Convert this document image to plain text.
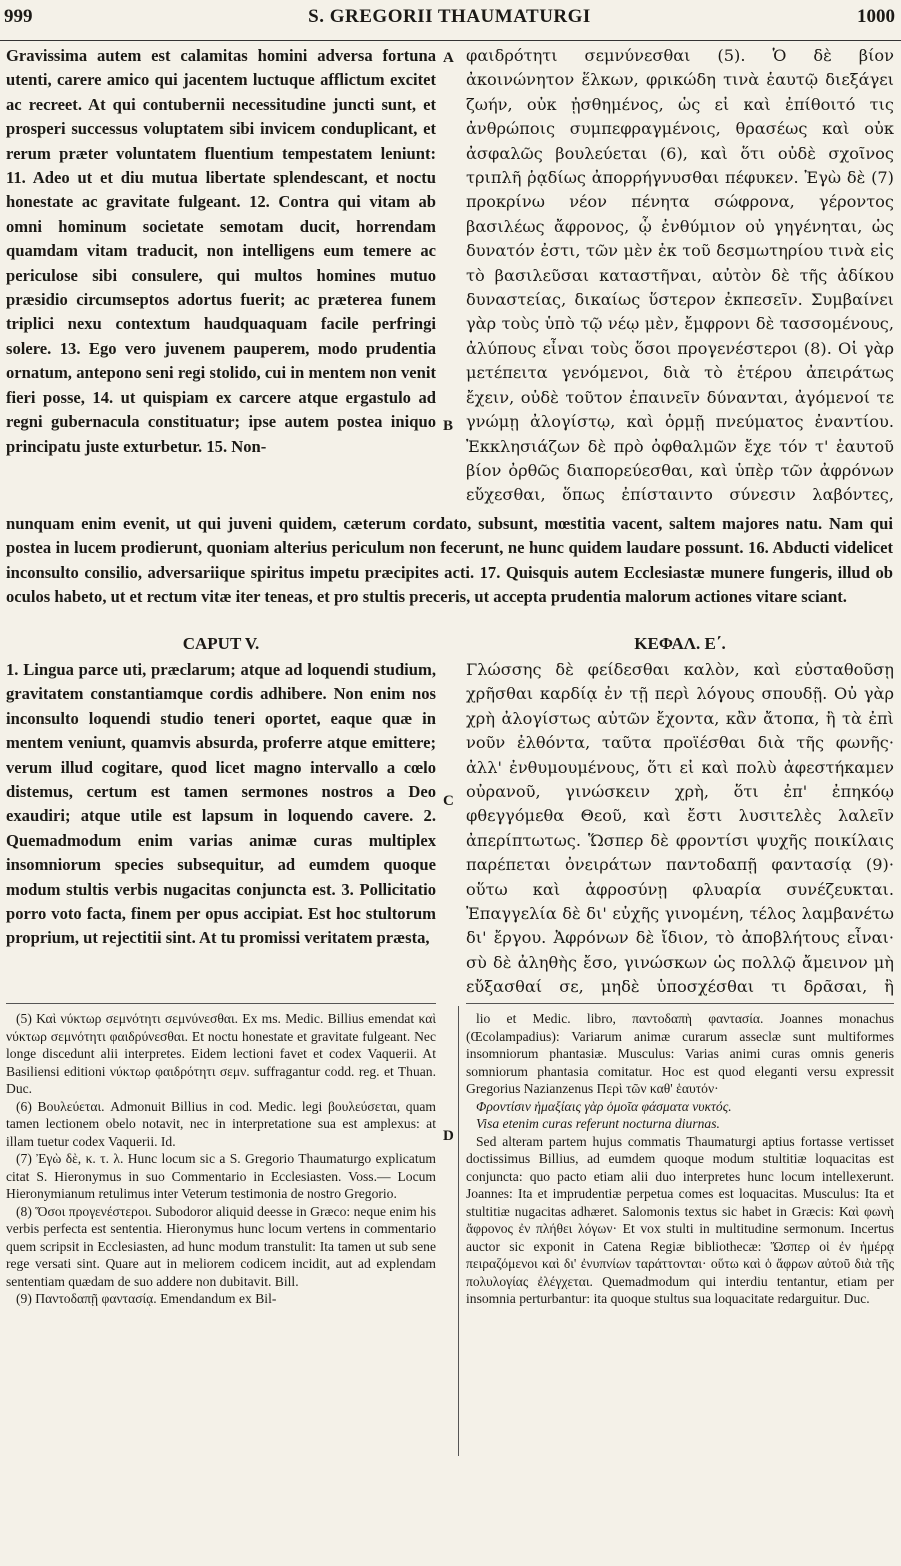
999	S. GREGORII THAUMATURGI	1000

Gravissima autem est calamitas homini adversa fortuna utenti, carere amico qui jacentem luctuque afflictum excitet ac recreet. At qui contubernii necessitudine juncti sunt, et prosperi successus voluptatem sibi invicem conduplicant, et rerum præter voluntatem fluentium tempestatem leniunt: 11. Adeo ut et diu mutua libertate splendescant, et noctu honestate ac gravitate fulgeant. 12. Contra qui vitam ab omni hominum societate semotam ducit, horrendam quamdam vitam traducit, non intelligens eum temere ac periculose sibi consulere, qui multos homines mutuo præsidio circumseptos adortus fuerit; ac præterea funem triplici nexu contextum haudquaquam facile perfringi solere. 13. Ego vero juvenem pauperem, modo prudentia ornatum, antepono seni regi stolido, cui in mentem non venit fieri posse, 14. ut quispiam ex carcere atque ergastulo ad regni gubernacula constituatur; ipse autem postea iniquo principatu juste exturbetur. 15. Non-

A φαιδρότητι σεμνύνεσθαι (5). Ὁ δὲ βίον ἀκοινώνητον ἕλκων, φρικώδη τινὰ ἑαυτῷ διεξάγει ζωήν, οὐκ ᾐσθημένος, ὡς εἰ καὶ ἐπίθοιτό τις ἀνθρώποις συμπεφραγμένοις, θρασέως καὶ οὐκ ἀσφαλῶς βουλεύεται (6), καὶ ὅτι οὐδὲ σχοῖνος τριπλῆ ῥᾳδίως ἀπορρήγνυσθαι πέφυκεν. Ἐγὼ δὲ (7) προκρίνω νέον πένητα σώφρονα, γέροντος βασιλέως ἄφρονος, ᾧ ἐνθύμιον οὐ γηγένηται, ὡς δυνατόν ἐστι, τῶν μὲν ἐκ τοῦ δεσμωτηρίου τινὰ εἰς τὸ βασιλεῦσαι καταστῆναι, αὐτὸν δὲ τῆς ἀδίκου δυναστείας, δικαίως ὕστερον ἐκπεσεῖν. Συμβαίνει γὰρ τοὺς ὑπὸ τῷ νέῳ μὲν, ἔμφρονι δὲ τασσομένους, ἀλύπους εἶναι τοὺς ὅσοι προγενέστεροι (8). Οἱ γὰρ μετέπειτα γενόμενοι, διὰ τὸ ἑτέρου ἀπειράτως ἔχειν, οὐδὲ τοῦτον ἐπαινεῖν δύνανται, ἀγόμενοί τε γνώμῃ ἀλογίστῳ, καὶ ὁρμῇ πνεύματος ἐναντίου. Ἐκκλησιάζων δὲ πρὸ ὀφθαλμῶν ἔχε τόν τ' ἑαυτοῦ βίον ὀρθῶς διαπορεύεσθαι, καὶ ὑπὲρ τῶν ἀφρόνων εὔχεσθαι, ὅπως ἐπίσταιντο σύνεσιν λαβόντες,

B
nunquam enim evenit, ut qui juveni quidem, cæterum cordato, subsunt, mœstitia vacent, saltem majores natu. Nam qui postea in lucem prodierunt, quoniam alterius periculum non fecerunt, ne hunc quidem laudare possunt. 16. Abducti videlicet inconsulto consilio, adversariique spiritus impetu præcipites acti. 17. Quisquis autem Ecclesiastæ munere fungeris, illud ob oculos habeto, ut et rectum vitæ iter teneas, et pro stultis preceris, ut accepta prudentia malorum actiones vitare sciant.
CAPUT V.	ΚΕΦΑΛ. Ε΄.

1. Lingua parce uti, præclarum; atque ad loquendi studium, gravitatem constantiamque cordis adhibere. Non enim nos inconsulto loquendi studio teneri oportet, eaque quæ in mentem veniunt, quamvis absurda, proferre atque emittere; verum illud cogitare, quod licet magno intervallo a cœlo distemus, certum est tamen sermones nostros a Deo exaudiri; atque utile est lapsum in loquendo cavere. 2. Quemadmodum enim varias animæ curas multiplex insomniorum species subsequitur, ad eumdem quoque modum stultis verbis nugacitas conjuncta est. 3. Pollicitatio porro voto facta, finem per opus accipiat. Est hoc stultorum proprium, ut rejectitii sint. At tu promissi veritatem præsta,

C

Γλώσσης δὲ φείδεσθαι καλὸν, καὶ εὐσταθοῦσῃ χρῆσθαι καρδίᾳ ἐν τῇ περὶ λόγους σπουδῇ. Οὐ γὰρ χρὴ ἀλογίστως αὐτῶν ἔχοντα, κἂν ἄτοπα, ἢ τὰ ἐπὶ νοῦν ἐλθόντα, ταῦτα προϊέσθαι διὰ τῆς φωνῆς· ἀλλ' ἐνθυμουμένους, ὅτι εἰ καὶ πολὺ ἀφεστήκαμεν οὐρανοῦ, γινώσκειν χρὴ, ὅτι ἐπ' ἐπηκόῳ φθεγγόμεθα Θεοῦ, καὶ ἔστι λυσιτελὲς λαλεῖν ἀπερίπτωτως. Ὥσπερ δὲ φροντίσι ψυχῆς ποικίλαις παρέπεται ὀνειράτων παντοδαπῇ φαντασίᾳ (9)· οὕτω καὶ ἀφροσύνῃ φλυαρία συνέζευκται. Ἐπαγγελία δὲ δι' εὐχῆς γινομένη, τέλος λαμβανέτω δι' ἔργου. Ἀφρόνων δὲ ἴδιον, τὸ ἀποβλήτους εἶναι· σὺ δὲ ἀληθὴς ἔσο, γινώσκων ὡς πολλῷ ἄμεινον μὴ εὔξασθαί σε, μηδὲ ὑποσχέσθαι τι δρᾶσαι, ἢ

D

(5) Καὶ νύκτωρ σεμνότητι σεμνύνεσθαι. Ex ms. Medic. Billius emendat καὶ νύκτωρ σεμνότητι φαιδρύνεσθαι. Et noctu honestate et gravitate fulgeant. Nec longe discedunt alii interpretes. Eidem lectioni favet et codex Vaquerii. At Basiliensi editioni νύκτωρ φαιδρότητι σεμν. suffragantur codd. reg. et Thuan. Duc.

(6) Βουλεύεται. Admonuit Billius in cod. Medic. legi βουλεύσεται, quam tamen lectionem obelo notavit, nec in interpretatione sua est amplexus: at illam tuetur codex Vaquerii. Id.

(7) Ἐγὼ δὲ, κ. τ. λ. Hunc locum sic a S. Gregorio Thaumaturgo explicatum citat S. Hieronymus in suo Commentario in Ecclesiasten. Voss.— Locum Hieronymianum retulimus inter Veterum testimonia de nostro Gregorio.

(8) Ὅσοι προγενέστεροι. Subodoror aliquid deesse in Græco: neque enim his verbis perfecta est sententia. Hieronymus hunc locum vertens in commentario quem scripsit in Ecclesiasten, ad hunc modum transtulit: Ita tamen ut sub sene rege versati sint. Quare aut in meliorem codicem incidit, aut ad explendam sententiam quædam de suo addere non dubitavit. Bill.

(9) Παντοδαπῇ φαντασίᾳ. Emendandum ex Bil-

lio et Medic. libro, παντοδαπὴ φαντασία. Joannes monachus (Œcolampadius): Variarum animæ curarum asseclæ sunt multiformes insomniorum phantasiæ. Musculus: Varias animi curas omnis generis somniorum phantasia comitatur. Hoc est quod eleganti versu expressit Gregorius Nazianzenus Περὶ τῶν καθ' ἑαυτόν·

Φροντίσιν ἡμαξίαις γὰρ ὁμοῖα φάσματα νυκτός.

Visa etenim curas referunt nocturna diurnas.

Sed alteram partem hujus commatis Thaumaturgi aptius fortasse vertisset doctissimus Billius, ad eumdem quoque modum stultitiæ loquacitas est conjuncta: quo pacto etiam alii duo interpretes hunc locum intellexerunt. Joannes: Ita et imprudentiæ perpetua comes est loquacitas. Musculus: Ita et stultitiæ nugacitas adhæret. Salomonis textus sic habet in Græcis: Καὶ φωνὴ ἄφρονος ἐν πλήθει λόγων· Et vox stulti in multitudine sermonum. Incertus auctor sic exponit in Catena Regiæ bibliothecæ: Ὥσπερ οἱ ἐν ἡμέρᾳ πειραζόμενοι καὶ δι' ἐνυπνίων ταράττονται· οὕτω καὶ ὁ ἄφρων αὐτοῦ διὰ τῆς πολυλογίας ἐλέγχεται. Quemadmodum qui interdiu tentantur, etiam per insomnia perturbantur: ita quoque stultus sua loquacitate redarguitur. Duc.
